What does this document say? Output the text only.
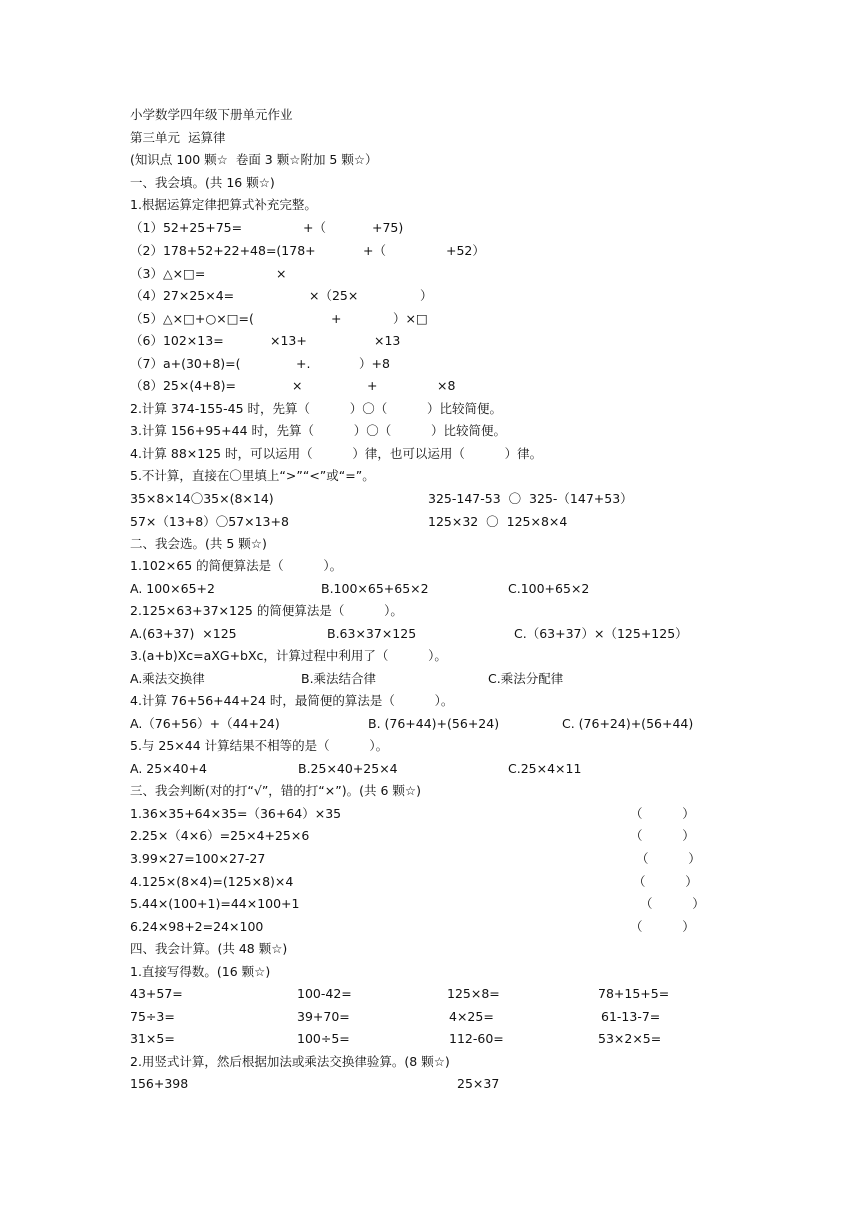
小学数学四年级下册单元作业
第三单元  运算律
(知识点 100 颗☆  卷面 3 颗☆附加 5 颗☆）
一、我会填。(共 16 颗☆)
1.根据运算定律把算式补充完整。
（1）52+25+75=	+（	+75)
（2）178+52+22+48=(178+	+（	+52）
（3）△×□=	×
（4）27×25×4=	×（25×	）
（5）△×□+○×□=(	+	）×□
（6）102×13=	×13+	×13
（7）a+(30+8)=(	+.	）+8
（8）25×(4+8)=	×	+	×8
2.计算 374-155-45 时，先算（          ）〇（          ）比较简便。
3.计算 156+95+44 时，先算（          ）〇（          ）比较简便。
4.计算 88×125 时，可以运用（          ）律，也可以运用（          ）律。
5.不计算，直接在〇里填上“>”“<”或“=”。
35×8×14〇35×(8×14)	325-147-53  〇  325-（147+53）
57×（13+8）〇57×13+8	125×32  〇  125×8×4
二、我会选。(共 5 颗☆)
1.102×65 的简便算法是（          ）。
A. 100×65+2	B.100×65+65×2	C.100+65×2
2.125×63+37×125 的简便算法是（          ）。
A.(63+37)  ×125	B.63×37×125	C.（63+37）×（125+125）
3.(a+b)Xc=aXG+bXc，计算过程中利用了（          ）。
A.乘法交换律	B.乘法结合律	C.乘法分配律
4.计算 76+56+44+24 时，最简便的算法是（          ）。
A.（76+56）+（44+24)	B. (76+44)+(56+24)	C. (76+24)+(56+44)
5.与 25×44 计算结果不相等的是（          ）。
A. 25×40+4	B.25×40+25×4	C.25×4×11
三、我会判断(对的打“√”，错的打“×”)。(共 6 颗☆)
1.36×35+64×35=（36+64）×35	（          ）
2.25×（4×6）=25×4+25×6	（          ）
3.99×27=100×27-27	（          ）
4.125×(8×4)=(125×8)×4	（          ）
5.44×(100+1)=44×100+1	（          ）
6.24×98+2=24×100	（          ）
四、我会计算。(共 48 颗☆)
1.直接写得数。(16 颗☆)
43+57=	100-42=	125×8=	78+15+5=
75÷3=	39+70=	4×25=	61-13-7=
31×5=	100÷5=	112-60=	53×2×5=
2.用竖式计算，然后根据加法或乘法交换律验算。(8 颗☆)
156+398	25×37
